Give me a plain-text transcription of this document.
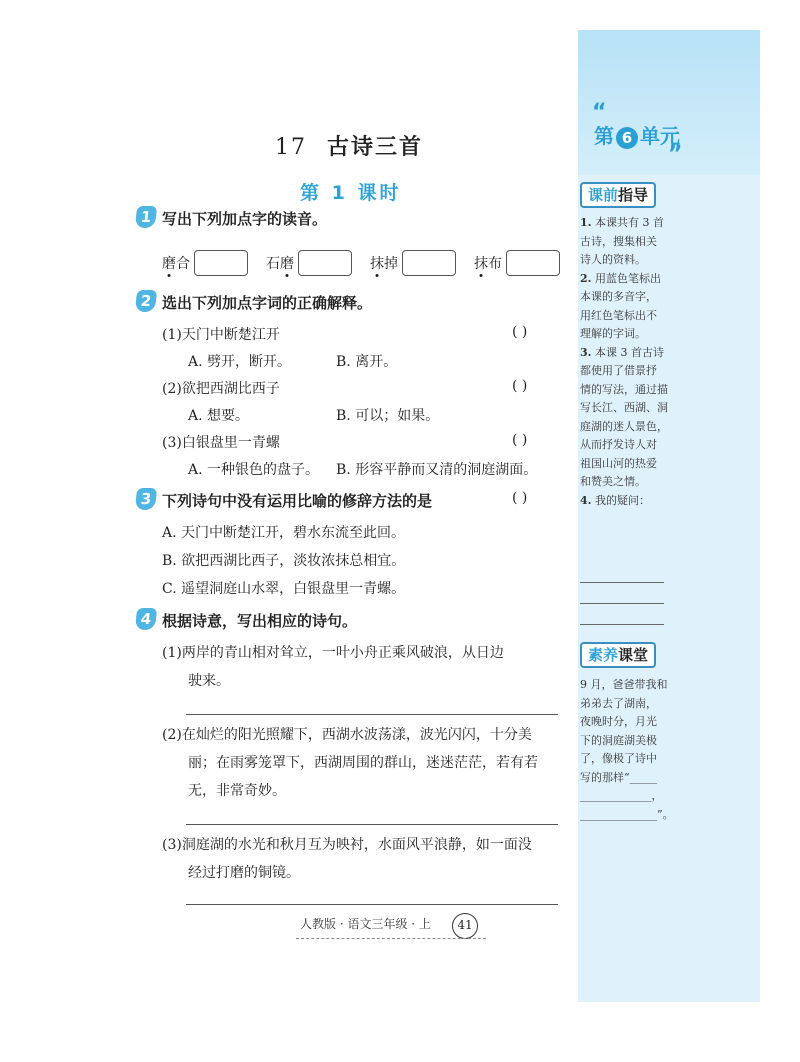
“
第 6 单元
”
课前指导
1. 本课共有 3 首
古诗，搜集相关
诗人的资料。
2. 用蓝色笔标出
本课的多音字，
用红色笔标出不
理解的字词。
3. 本课 3 首古诗
都使用了借景抒
情的写法，通过描
写长江、西湖、洞
庭湖的迷人景色，
从而抒发诗人对
祖国山河的热爱
和赞美之情。
4. 我的疑问：
素养课堂
9 月，爸爸带我和
弟弟去了湖南，
夜晚时分，月光
下的洞庭湖美极
了，像极了诗中
写的那样“_____
_____________，
______________”。
17 古诗三首
第 1 课时
1 写出下列加点字的读音。
磨合	石磨	抹掉	抹布
2 选出下列加点字词的正确解释。
(1)天门中断楚江开	( )
A. 劈开，断开。	B. 离开。
(2)欲把西湖比西子	( )
A. 想要。	B. 可以；如果。
(3)白银盘里一青螺	( )
A. 一种银色的盘子。 B. 形容平静而又清的洞庭湖面。
3 下列诗句中没有运用比喻的修辞方法的是	( )
A. 天门中断楚江开，碧水东流至此回。
B. 欲把西湖比西子，淡妆浓抹总相宜。
C. 遥望洞庭山水翠，白银盘里一青螺。
4 根据诗意，写出相应的诗句。
(1)两岸的青山相对耸立，一叶小舟正乘风破浪，从日边
驶来。
(2)在灿烂的阳光照耀下，西湖水波荡漾，波光闪闪，十分美
丽；在雨雾笼罩下，西湖周围的群山，迷迷茫茫，若有若
无，非常奇妙。
(3)洞庭湖的水光和秋月互为映衬，水面风平浪静，如一面没
经过打磨的铜镜。
人教版 · 语文三年级 · 上	41
